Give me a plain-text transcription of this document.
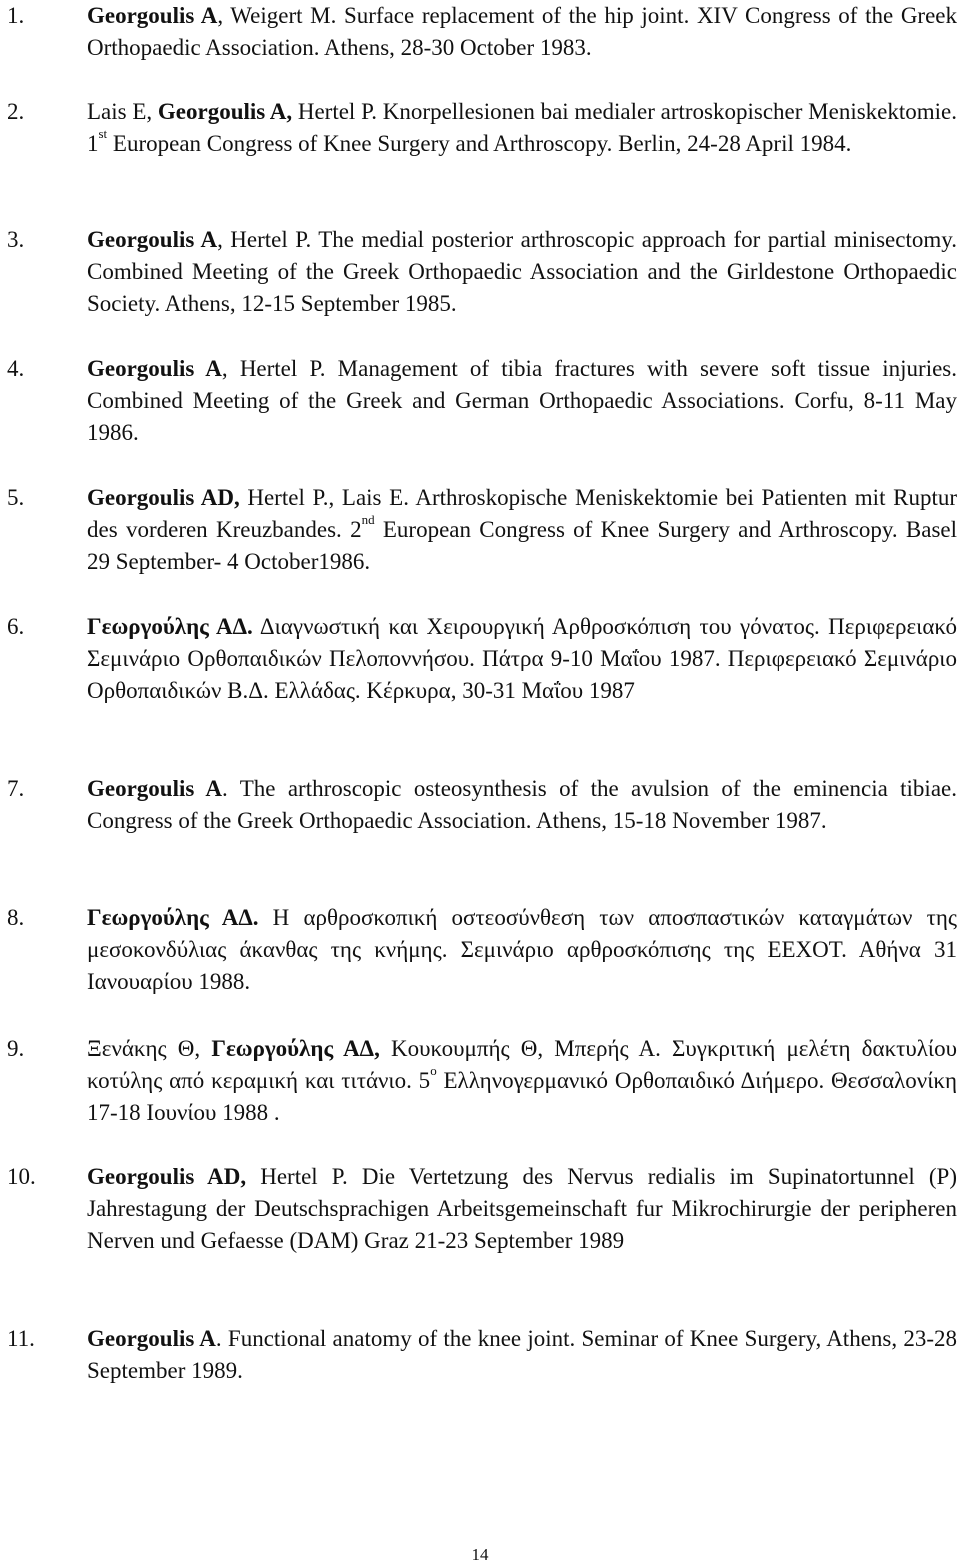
1.	Georgoulis A, Weigert M. Surface replacement of the hip joint. XIV Congress of the Greek Orthopaedic Association. Athens, 28-30 October 1983.
2.	Lais E, Georgoulis A, Hertel P. Knorpellesionen bai medialer artroskopischer Meniskektomie. 1st European Congress of Knee Surgery and Arthroscopy. Berlin, 24-28 April 1984.
3.	Georgoulis A, Hertel P. The medial posterior arthroscopic approach for partial minisectomy. Combined Meeting of the Greek Orthopaedic Association and the Girldestone Orthopaedic Society. Athens, 12-15 September 1985.
4.	Georgoulis A, Hertel P. Management of tibia fractures with severe soft tissue injuries. Combined Meeting of the Greek and German Orthopaedic Associations. Corfu, 8-11 May 1986.
5.	Georgoulis AD, Hertel P., Lais E. Arthroskopische Meniskektomie bei Patienten mit Ruptur des vorderen Kreuzbandes. 2nd European Congress of Knee Surgery and Arthroscopy. Basel 29 September- 4 October1986.
6.	Γεωργούλης ΑΔ. Διαγνωστική και Χειρουργική Αρθροσκόπιση του γόνατος. Περιφερειακό Σεμινάριο Ορθοπαιδικών Πελοποννήσου. Πάτρα 9-10 Μαΐου 1987. Περιφερειακό Σεμινάριο Ορθοπαιδικών Β.Δ. Ελλάδας. Κέρκυρα, 30-31 Μαΐου 1987
7.	Georgoulis A. The arthroscopic osteosynthesis of the avulsion of the eminencia tibiae. Congress of the Greek Orthopaedic Association. Athens, 15-18 November 1987.
8.	Γεωργούλης ΑΔ. Η αρθροσκοπική οστεοσύνθεση των αποσπαστικών καταγμάτων της μεσοκονδύλιας άκανθας της κνήμης. Σεμινάριο αρθροσκόπισης της ΕΕΧΟΤ. Αθήνα 31 Ιανουαρίου 1988.
9.	Ξενάκης Θ, Γεωργούλης ΑΔ, Κουκουμπής Θ, Μπερής Α. Συγκριτική μελέτη δακτυλίου κοτύλης από κεραμική και τιτάνιο. $5^o$ Ελληνογερμανικό Ορθοπαιδικό Διήμερο. Θεσσαλονίκη 17-18 Ιουνίου 1988 .
10. Georgoulis AD, Hertel P. Die Vertetzung des Nervus redialis im Supinatortunnel (P) Jahrestagung der Deutschsprachigen Arbeitsgemeinschaft fur Mikrochirurgie der peripheren Nerven und Gefaesse (DAM) Graz 21-23 September 1989
11. Georgoulis A. Functional anatomy of the knee joint. Seminar of Knee Surgery, Athens, 23-28 September 1989.
14
